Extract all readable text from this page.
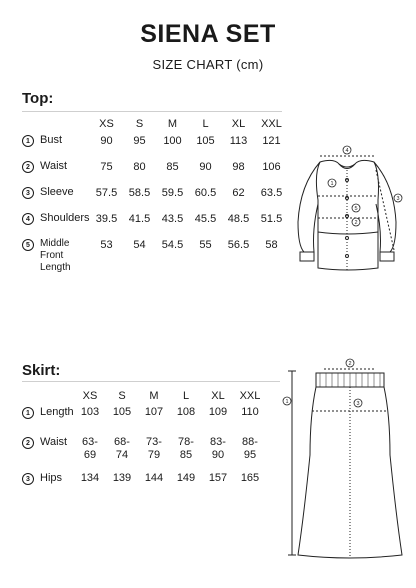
SIENA SET
SIZE CHART (cm)
Top:
	XS	S	M	L	XL	XXL

1 Bust	90	95	100	105	113	121

2 Waist	75	80	85	90	98	106

3 Sleeve	57.5	58.5	59.5	60.5	62	63.5

4 Shoulders	39.5	41.5	43.5	45.5	48.5	51.5

5 Middle Front Length	53	54	54.5	55	56.5	58
4
1
5
2
3
Skirt:
	XS	S	M	L	XL	XXL

1 Length	103	105	107	108	109	110

2 Waist	63-69	68-74	73-79	78-85	83-90	88-95

3 Hips	134	139	144	149	157	165
2
1	3
